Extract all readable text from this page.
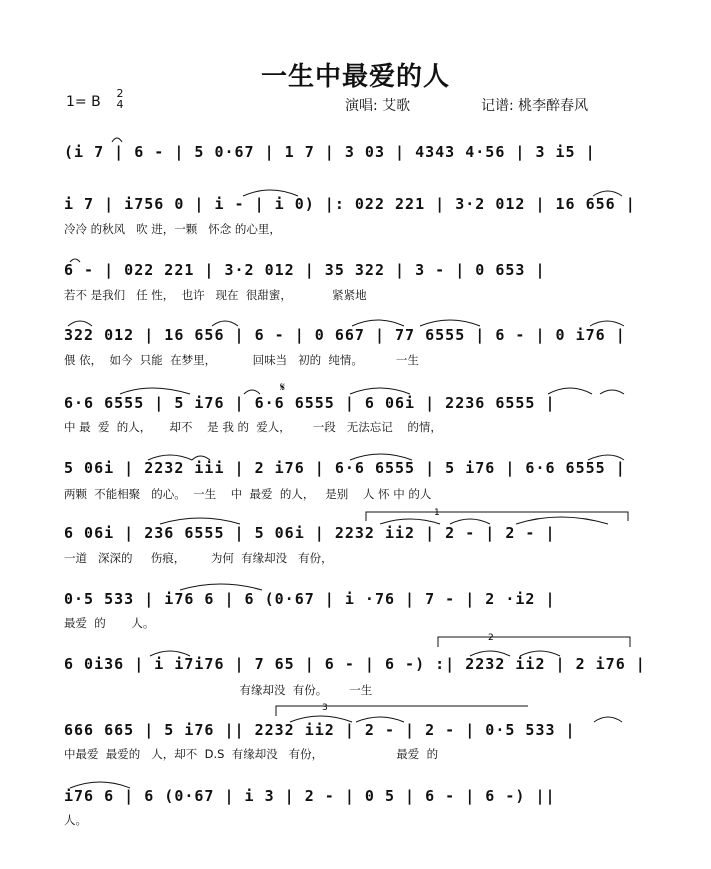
一生中最爱的人
1= B
2
4	演唱: 艾歌	记谱: 桃李醉春风
(i 7 | 6 - | 5 0·67 | 1 7 | 3 03 | 4343 4·56 | 3 i5 |
i 7 | i756 0 | i - | i 0) |: 022 221 | 3·2 012 | 16 656 |
冷冷 的秋风   吹 进，一颗   怀念 的心里，
6 - | 022 221 | 3·2 012 | 35 322 | 3 - | 0 653 |
若不 是我们   任 性，  也许   现在  很甜蜜，           紧紧地
322 012 | 16 656 | 6 - | 0 667 | 77 6555 | 6 - | 0 i76 |
偎 依，  如今  只能  在梦里，          回味当   初的  纯情。         一生
6·6 6555 | 5 i76 | 6·6 6555 | 6 06i | 2236 6555 |
中 最  爱  的人，     却不    是 我 的  爱人，      一段   无法忘记    的情，
5 06i | 2232 iii | 2 i76 | 6·6 6555 | 5 i76 | 6·6 6555 |
两颗  不能相聚   的心。  一生    中  最爱  的人，   是别    人 怀 中 的人
6 06i | 236 6555 | 5 06i | 2232 ii2 | 2 - | 2 - |
一道   深深的     伤痕，       为何  有缘却没   有份，
0·5 533 | i76 6 | 6 (0·67 | i ·76 | 7 - | 2 ·i2 |
最爱  的       人。
6 0i36 | i i7i76 | 7 65 | 6 - | 6 -) :| 2232 ii2 | 2 i76 |
有缘却没  有份。      一生
666 665 | 5 i76 || 2232 ii2 | 2 - | 2 - | 0·5 533 |
中最爱  最爱的   人，却不  D.S  有缘却没   有份，                    最爱  的
i76 6 | 6 (0·67 | i 3 | 2 - | 0 5 | 6 - | 6 -) ||
人。
1
2
3
𝄋
